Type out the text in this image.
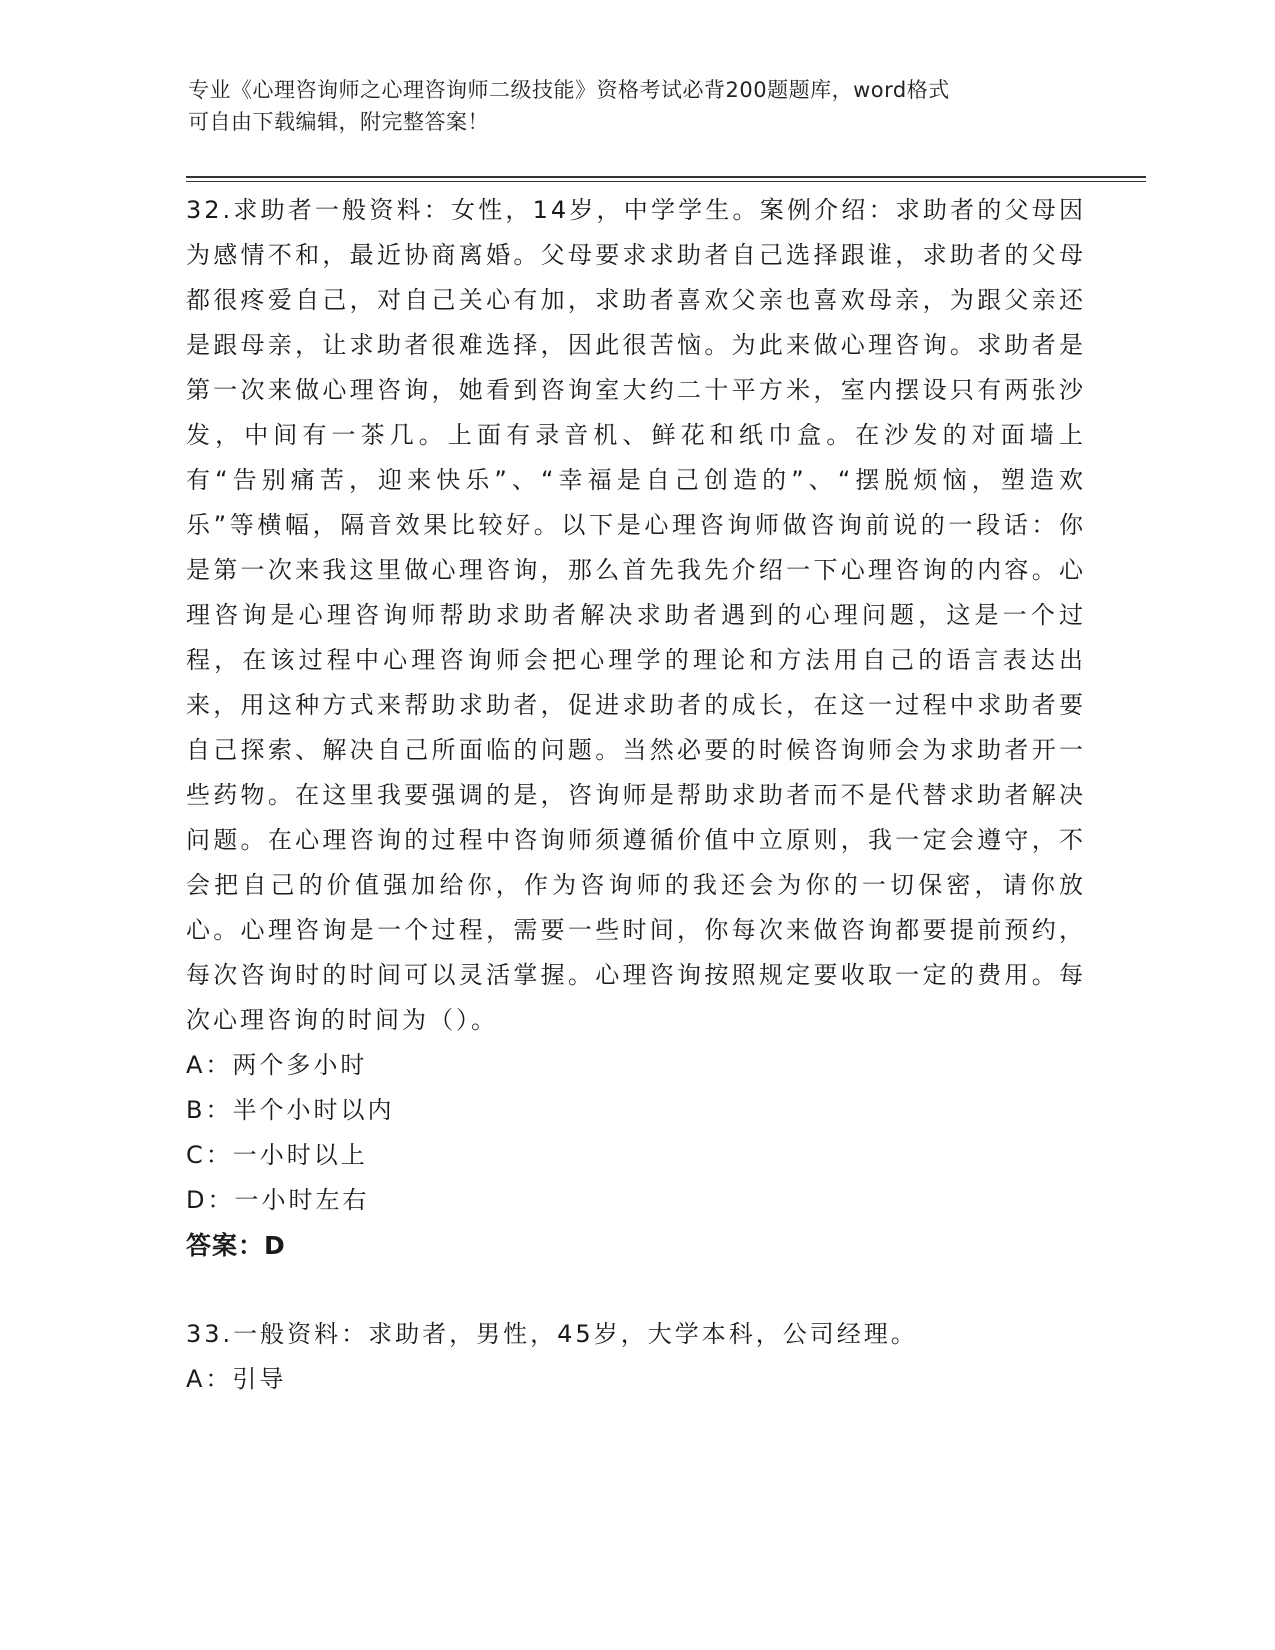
专业《心理咨询师之心理咨询师二级技能》资格考试必背200题题库，word格式
可自由下载编辑，附完整答案！

32.求助者一般资料：女性，14岁，中学学生。案例介绍：求助者的父母因为感情不和，最近协商离婚。父母要求求助者自己选择跟谁，求助者的父母都很疼爱自己，对自己关心有加，求助者喜欢父亲也喜欢母亲，为跟父亲还是跟母亲，让求助者很难选择，因此很苦恼。为此来做心理咨询。求助者是第一次来做心理咨询，她看到咨询室大约二十平方米，室内摆设只有两张沙发，中间有一茶几。上面有录音机、鲜花和纸巾盒。在沙发的对面墙上有“告别痛苦，迎来快乐”、“幸福是自己创造的”、“摆脱烦恼，塑造欢乐”等横幅，隔音效果比较好。以下是心理咨询师做咨询前说的一段话：你是第一次来我这里做心理咨询，那么首先我先介绍一下心理咨询的内容。心理咨询是心理咨询师帮助求助者解决求助者遇到的心理问题，这是一个过程，在该过程中心理咨询师会把心理学的理论和方法用自己的语言表达出来，用这种方式来帮助求助者，促进求助者的成长，在这一过程中求助者要自己探索、解决自己所面临的问题。当然必要的时候咨询师会为求助者开一些药物。在这里我要强调的是，咨询师是帮助求助者而不是代替求助者解决问题。在心理咨询的过程中咨询师须遵循价值中立原则，我一定会遵守，不会把自己的价值强加给你，作为咨询师的我还会为你的一切保密，请你放心。心理咨询是一个过程，需要一些时间，你每次来做咨询都要提前预约，每次咨询时的时间可以灵活掌握。心理咨询按照规定要收取一定的费用。每次心理咨询的时间为（）。

A：两个多小时

B：半个小时以内

C：一小时以上

D：一小时左右

答案：D

33.一般资料：求助者，男性，45岁，大学本科，公司经理。

A：引导
